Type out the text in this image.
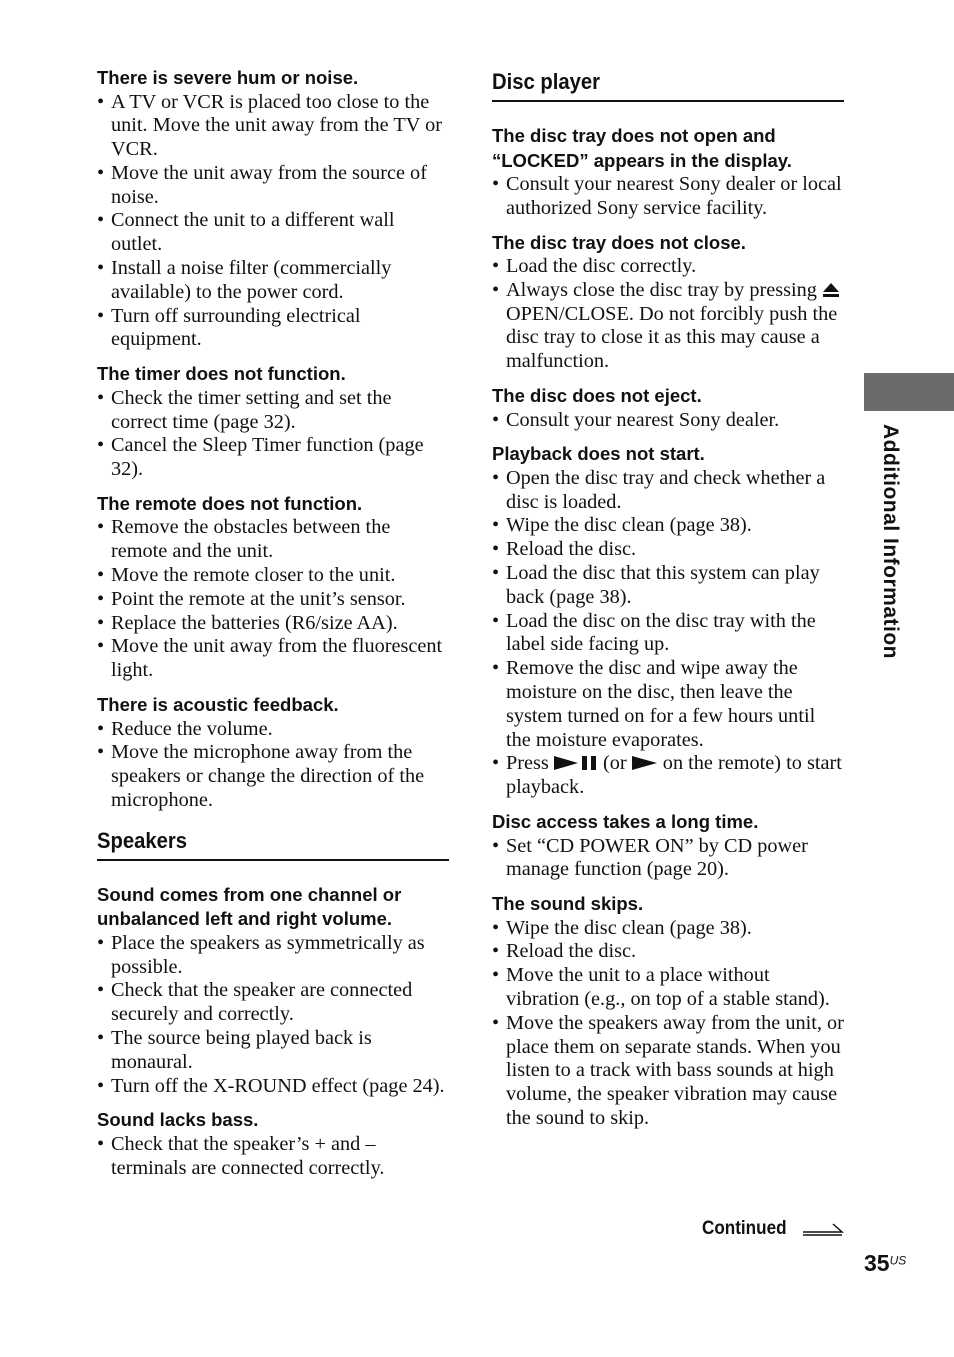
There is severe hum or noise.

• A TV or VCR is placed too close to the unit. Move the unit away from the TV or VCR.
• Move the unit away from the source of noise.
• Connect the unit to a different wall outlet.
• Install a noise filter (commercially available) to the power cord.
• Turn off surrounding electrical equipment.

The timer does not function.

• Check the timer setting and set the correct time (page 32).
• Cancel the Sleep Timer function (page 32).

The remote does not function.

• Remove the obstacles between the remote and the unit.
• Move the remote closer to the unit.
• Point the remote at the unit’s sensor.
• Replace the batteries (R6/size AA).
• Move the unit away from the fluorescent light.

There is acoustic feedback.

• Reduce the volume.
• Move the microphone away from the speakers or change the direction of the microphone.

Speakers

Sound comes from one channel or unbalanced left and right volume.

• Place the speakers as symmetrically as possible.
• Check that the speaker are connected securely and correctly.
• The source being played back is monaural.
• Turn off the X-ROUND effect (page 24).

Sound lacks bass.

• Check that the speaker’s + and – terminals are connected correctly.

Disc player

The disc tray does not open and “LOCKED” appears in the display.

• Consult your nearest Sony dealer or local authorized Sony service facility.

The disc tray does not close.

• Load the disc correctly.
• Always close the disc tray by pressing  OPEN/CLOSE. Do not forcibly push the disc tray to close it as this may cause a malfunction.

The disc does not eject.

• Consult your nearest Sony dealer.

Playback does not start.

• Open the disc tray and check whether a disc is loaded.
• Wipe the disc clean (page 38).
• Reload the disc.
• Load the disc that this system can play back (page 38).
• Load the disc on the disc tray with the label side facing up.
• Remove the disc and wipe away the moisture on the disc, then leave the system turned on for a few hours until the moisture evaporates.
• Press	(or on the remote) to start playback.

Disc access takes a long time.

• Set “CD POWER ON” by CD power manage function (page 20).

The sound skips.

• Wipe the disc clean (page 38).
• Reload the disc.
• Move the unit to a place without vibration (e.g., on top of a stable stand).
• Move the speakers away from the unit, or place them on separate stands. When you listen to a track with bass sounds at high volume, the speaker vibration may cause the sound to skip.
Additional Information
Continued
$35^{US}$
